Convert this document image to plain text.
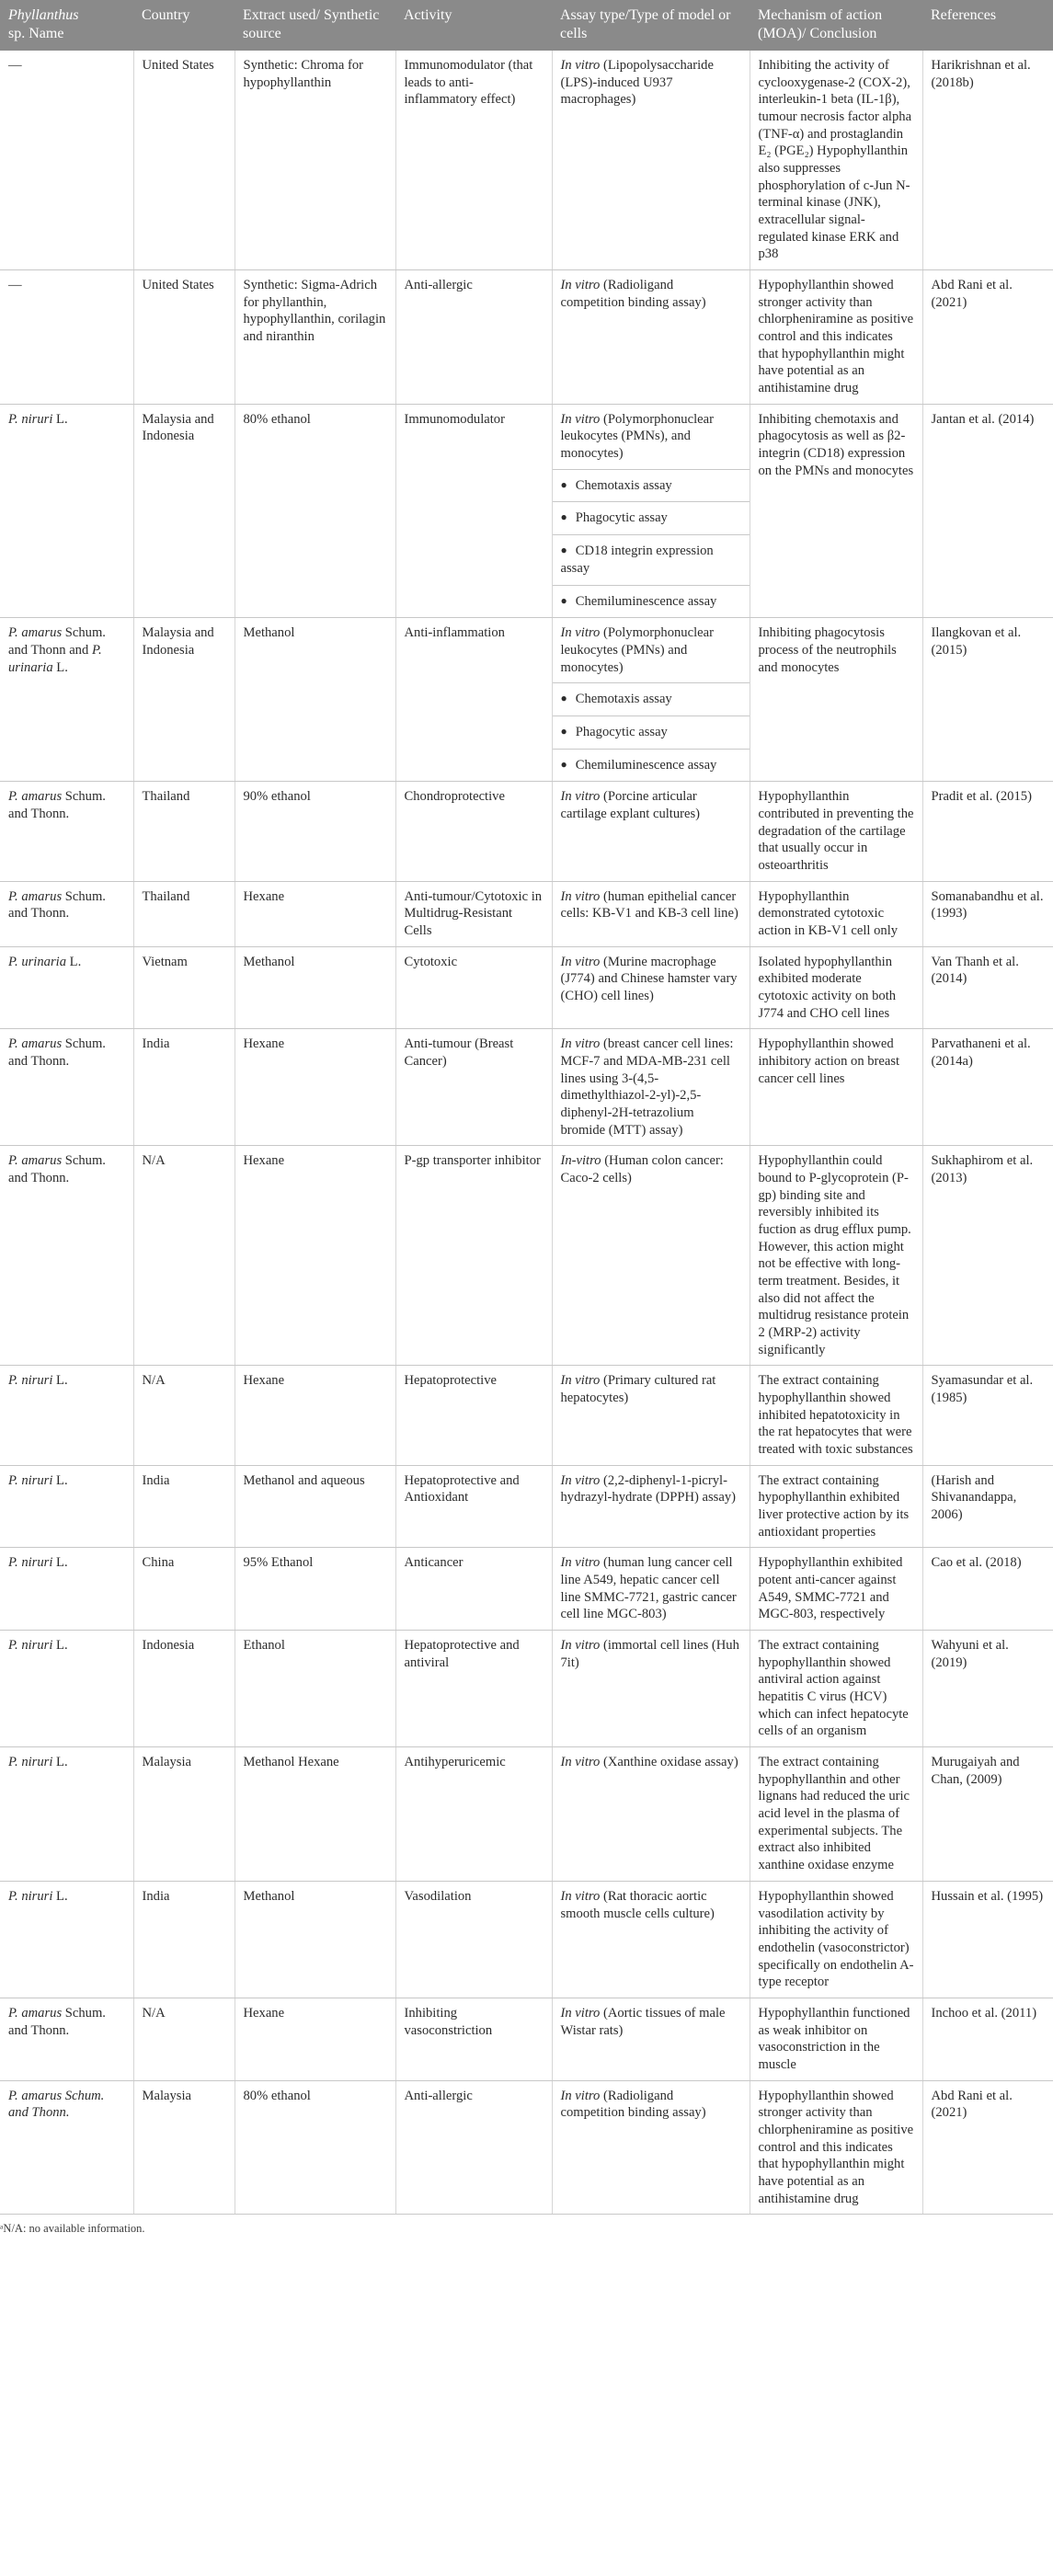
Phyllanthus
sp. Name	Country	Extract used/ Synthetic source	Activity	Assay type/Type of model or cells	Mechanism of action (MOA)/ Conclusion	References
—	United States	Synthetic: Chroma for hypophyllanthin	Immunomodulator (that leads to anti-inflammatory effect)	In vitro (Lipopolysaccharide (LPS)-induced U937 macrophages)	Inhibiting the activity of cyclooxygenase-2 (COX-2), interleukin-1 beta (IL-1β), tumour necrosis factor alpha (TNF-α) and prostaglandin E₂ (PGE₂) Hypophyllanthin also suppresses phosphorylation of c-Jun N-terminal kinase (JNK), extracellular signal-regulated kinase ERK and p38	Harikrishnan et al. (2018b)
—	United States	Synthetic: Sigma-Adrich for phyllanthin, hypophyllanthin, corilagin and niranthin	Anti-allergic	In vitro (Radioligand competition binding assay)	Hypophyllanthin showed stronger activity than chlorpheniramine as positive control and this indicates that hypophyllanthin might have potential as an antihistamine drug	Abd Rani et al. (2021)
P. niruri L.	Malaysia and Indonesia	80% ethanol	Immunomodulator	In vitro (Polymorphonuclear leukocytes (PMNs), and monocytes)
● Chemotaxis assay
● Phagocytic assay
● CD18 integrin expression assay
● Chemiluminescence assay	Inhibiting chemotaxis and phagocytosis as well as β2-integrin (CD18) expression on the PMNs and monocytes	Jantan et al. (2014)
P. amarus Schum. and Thonn and P. urinaria L.	Malaysia and Indonesia	Methanol	Anti-inflammation	In vitro (Polymorphonuclear leukocytes (PMNs) and monocytes)
● Chemotaxis assay
● Phagocytic assay
● Chemiluminescence assay	Inhibiting phagocytosis process of the neutrophils and monocytes	Ilangkovan et al. (2015)
P. amarus Schum. and Thonn.	Thailand	90% ethanol	Chondroprotective	In vitro (Porcine articular cartilage explant cultures)	Hypophyllanthin contributed in preventing the degradation of the cartilage that usually occur in osteoarthritis	Pradit et al. (2015)
P. amarus Schum. and Thonn.	Thailand	Hexane	Anti-tumour/Cytotoxic in Multidrug-Resistant Cells	In vitro (human epithelial cancer cells: KB-V1 and KB-3 cell line)	Hypophyllanthin demonstrated cytotoxic action in KB-V1 cell only	Somanabandhu et al. (1993)
P. urinaria L.	Vietnam	Methanol	Cytotoxic	In vitro (Murine macrophage (J774) and Chinese hamster vary (CHO) cell lines)	Isolated hypophyllanthin exhibited moderate cytotoxic activity on both J774 and CHO cell lines	Van Thanh et al. (2014)
P. amarus Schum. and Thonn.	India	Hexane	Anti-tumour (Breast Cancer)	In vitro (breast cancer cell lines: MCF-7 and MDA-MB-231 cell lines using 3-(4,5-dimethylthiazol-2-yl)-2,5-diphenyl-2H-tetrazolium bromide (MTT) assay)	Hypophyllanthin showed inhibitory action on breast cancer cell lines	Parvathaneni et al. (2014a)
P. amarus Schum. and Thonn.	N/A	Hexane	P-gp transporter inhibitor	In-vitro (Human colon cancer: Caco-2 cells)	Hypophyllanthin could bound to P-glycoprotein (P-gp) binding site and reversibly inhibited its fuction as drug efflux pump. However, this action might not be effective with long-term treatment. Besides, it also did not affect the multidrug resistance protein 2 (MRP-2) activity significantly	Sukhaphirom et al. (2013)
P. niruri L.	N/A	Hexane	Hepatoprotective	In vitro (Primary cultured rat hepatocytes)	The extract containing hypophyllanthin showed inhibited hepatotoxicity in the rat hepatocytes that were treated with toxic substances	Syamasundar et al. (1985)
P. niruri L.	India	Methanol and aqueous	Hepatoprotective and Antioxidant	In vitro (2,2-diphenyl-1-picryl-hydrazyl-hydrate (DPPH) assay)	The extract containing hypophyllanthin exhibited liver protective action by its antioxidant properties	(Harish and Shivanandappa, 2006)
P. niruri L.	China	95% Ethanol	Anticancer	In vitro (human lung cancer cell line A549, hepatic cancer cell line SMMC-7721, gastric cancer cell line MGC-803)	Hypophyllanthin exhibited potent anti-cancer against A549, SMMC-7721 and MGC-803, respectively	Cao et al. (2018)
P. niruri L.	Indonesia	Ethanol	Hepatoprotective and antiviral	In vitro (immortal cell lines (Huh 7it)	The extract containing hypophyllanthin showed antiviral action against hepatitis C virus (HCV) which can infect hepatocyte cells of an organism	Wahyuni et al. (2019)
P. niruri L.	Malaysia	Methanol Hexane	Antihyperuricemic	In vitro (Xanthine oxidase assay)	The extract containing hypophyllanthin and other lignans had reduced the uric acid level in the plasma of experimental subjects. The extract also inhibited xanthine oxidase enzyme	Murugaiyah and Chan, (2009)
P. niruri L.	India	Methanol	Vasodilation	In vitro (Rat thoracic aortic smooth muscle cells culture)	Hypophyllanthin showed vasodilation activity by inhibiting the activity of endothelin (vasoconstrictor) specifically on endothelin A-type receptor	Hussain et al. (1995)
P. amarus Schum. and Thonn.	N/A	Hexane	Inhibiting vasoconstriction	In vitro (Aortic tissues of male Wistar rats)	Hypophyllanthin functioned as weak inhibitor on vasoconstriction in the muscle	Inchoo et al. (2011)
P. amarus Schum. and Thonn.	Malaysia	80% ethanol	Anti-allergic	In vitro (Radioligand competition binding assay)	Hypophyllanthin showed stronger activity than chlorpheniramine as positive control and this indicates that hypophyllanthin might have potential as an antihistamine drug	Abd Rani et al. (2021)
ᵃN/A: no available information.
